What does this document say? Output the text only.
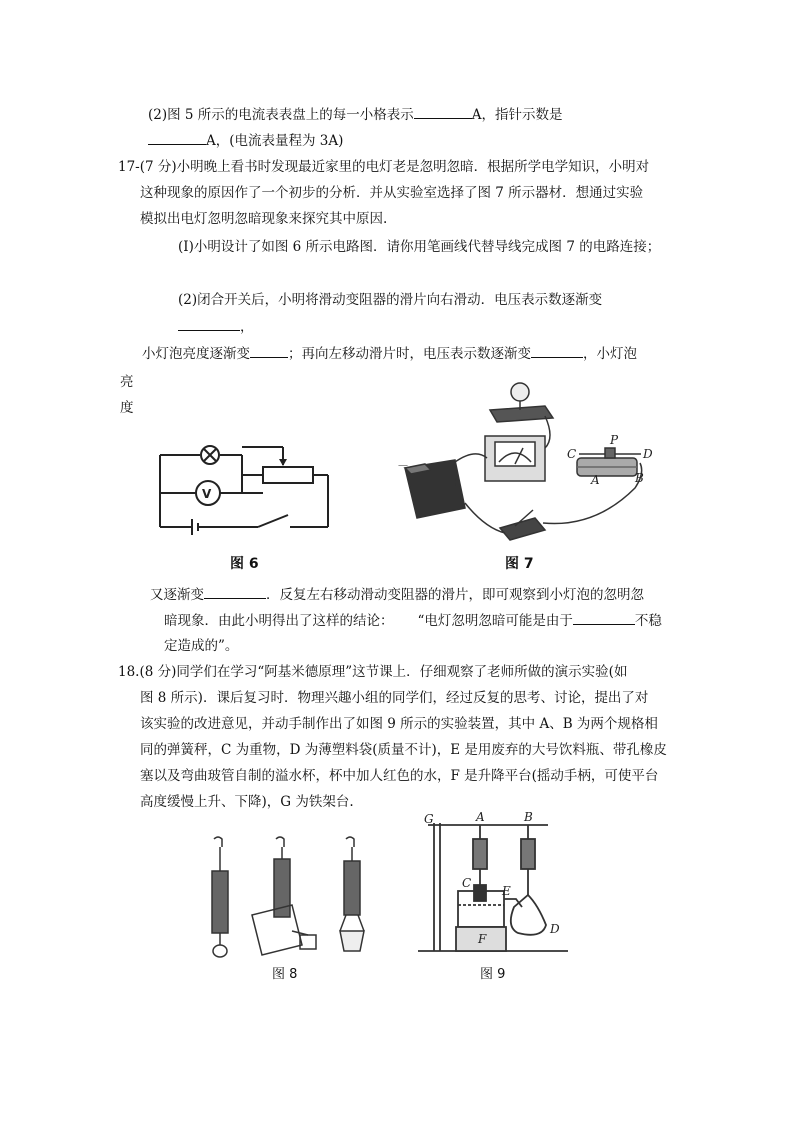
(2)图 5 所示的电流表表盘上的每一小格表示	A，指针示数是
A，(电流表量程为 3A)
17-(7 分)小明晚上看书时发现最近家里的电灯老是忽明忽暗．根据所学电学知识，小明对
这种现象的原因作了一个初步的分析．并从实验室选择了图 7 所示器材．想通过实验
模拟出电灯忽明忽暗现象来探究其中原因.
(I)小明设计了如图 6 所示电路图．请你用笔画线代替导线完成图 7 的电路连接；
(2)闭合开关后，小明将滑动变阻器的滑片向右滑动．电压表示数逐渐变
，
小灯泡亮度逐渐变	；再向左移动滑片时，电压表示数逐渐变	，小灯泡
亮
度
V
图 6
－
+
C
P
D
A	B
图 7
又逐渐变	．反复左右移动滑动变阻器的滑片，即可观察到小灯泡的忽明忽
暗现象．由此小明得出了这样的结论： “电灯忽明忽暗可能是由于	不稳
定造成的”。
18.(8 分)同学们在学习“阿基米德原理”这节课上．仔细观察了老师所做的演示实验(如
图 8 所示)．课后复习时．物理兴趣小组的同学们，经过反复的思考、讨论，提出了对
该实验的改进意见，并动手制作出了如图 9 所示的实验装置，其中 A、B 为两个规格相
同的弹簧秤，C 为重物，D 为薄塑料袋(质量不计)，E 是用废弃的大号饮料瓶、带孔橡皮
塞以及弯曲玻管自制的溢水杯，杯中加人红色的水，F 是升降平台(摇动手柄，可使平台
高度缓慢上升、下降)，G 为铁架台.
图 8
G	A	B
C
E
F
D
图 9
